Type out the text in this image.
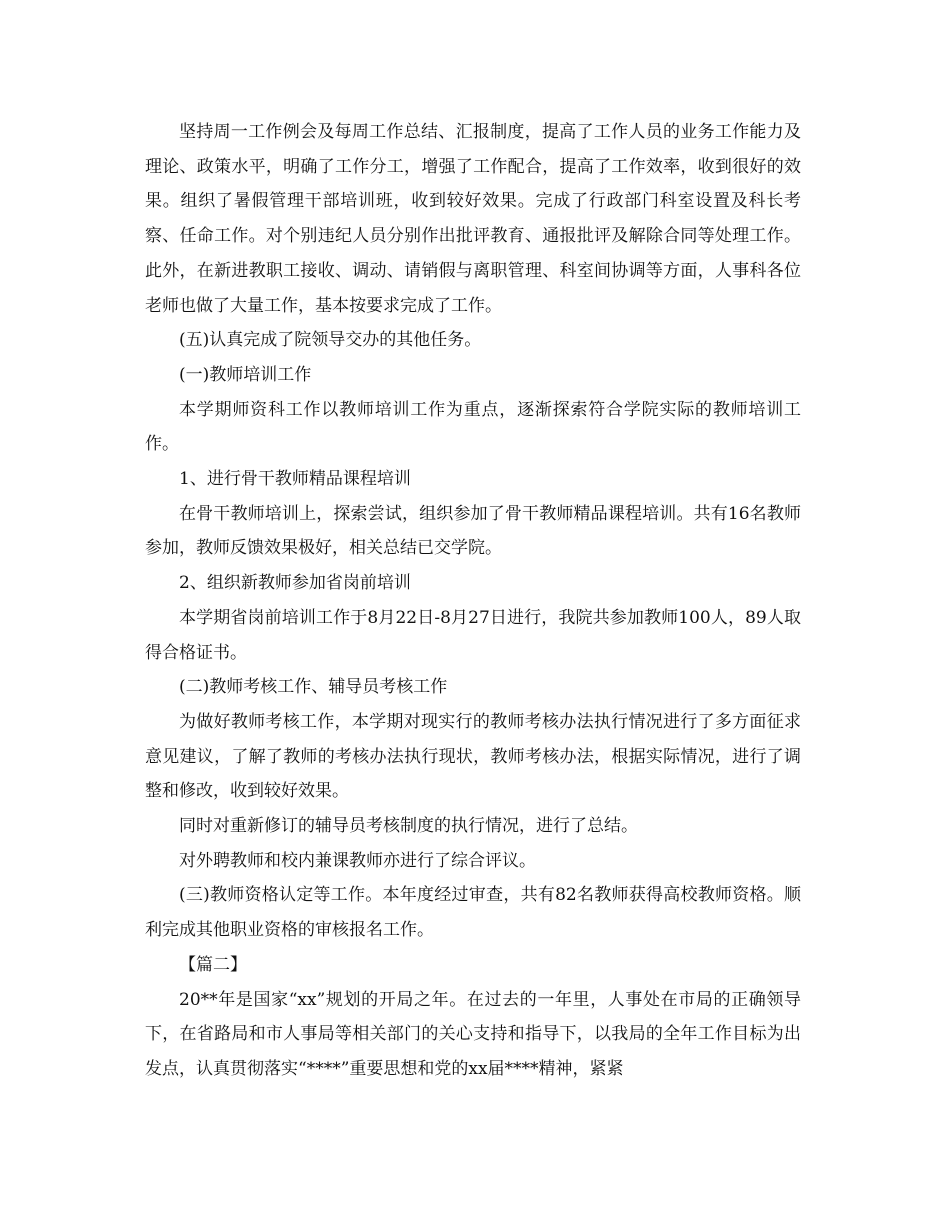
坚持周一工作例会及每周工作总结、汇报制度，提高了工作人员的业务工作能力及理论、政策水平，明确了工作分工，增强了工作配合，提高了工作效率，收到很好的效果。组织了暑假管理干部培训班，收到较好效果。完成了行政部门科室设置及科长考察、任命工作。对个别违纪人员分别作出批评教育、通报批评及解除合同等处理工作。此外，在新进教职工接收、调动、请销假与离职管理、科室间协调等方面，人事科各位老师也做了大量工作，基本按要求完成了工作。

(五)认真完成了院领导交办的其他任务。

(一)教师培训工作

本学期师资科工作以教师培训工作为重点，逐渐探索符合学院实际的教师培训工作。

1、进行骨干教师精品课程培训

在骨干教师培训上，探索尝试，组织参加了骨干教师精品课程培训。共有16名教师参加，教师反馈效果极好，相关总结已交学院。

2、组织新教师参加省岗前培训

本学期省岗前培训工作于8月22日-8月27日进行，我院共参加教师100人，89人取得合格证书。

(二)教师考核工作、辅导员考核工作

为做好教师考核工作，本学期对现实行的教师考核办法执行情况进行了多方面征求意见建议，了解了教师的考核办法执行现状，教师考核办法，根据实际情况，进行了调整和修改，收到较好效果。

同时对重新修订的辅导员考核制度的执行情况，进行了总结。

对外聘教师和校内兼课教师亦进行了综合评议。

(三)教师资格认定等工作。本年度经过审查，共有82名教师获得高校教师资格。顺利完成其他职业资格的审核报名工作。

【篇二】

20**年是国家“xx”规划的开局之年。在过去的一年里，人事处在市局的正确领导下，在省路局和市人事局等相关部门的关心支持和指导下，以我局的全年工作目标为出发点，认真贯彻落实“****”重要思想和党的xx届****精神，紧紧
